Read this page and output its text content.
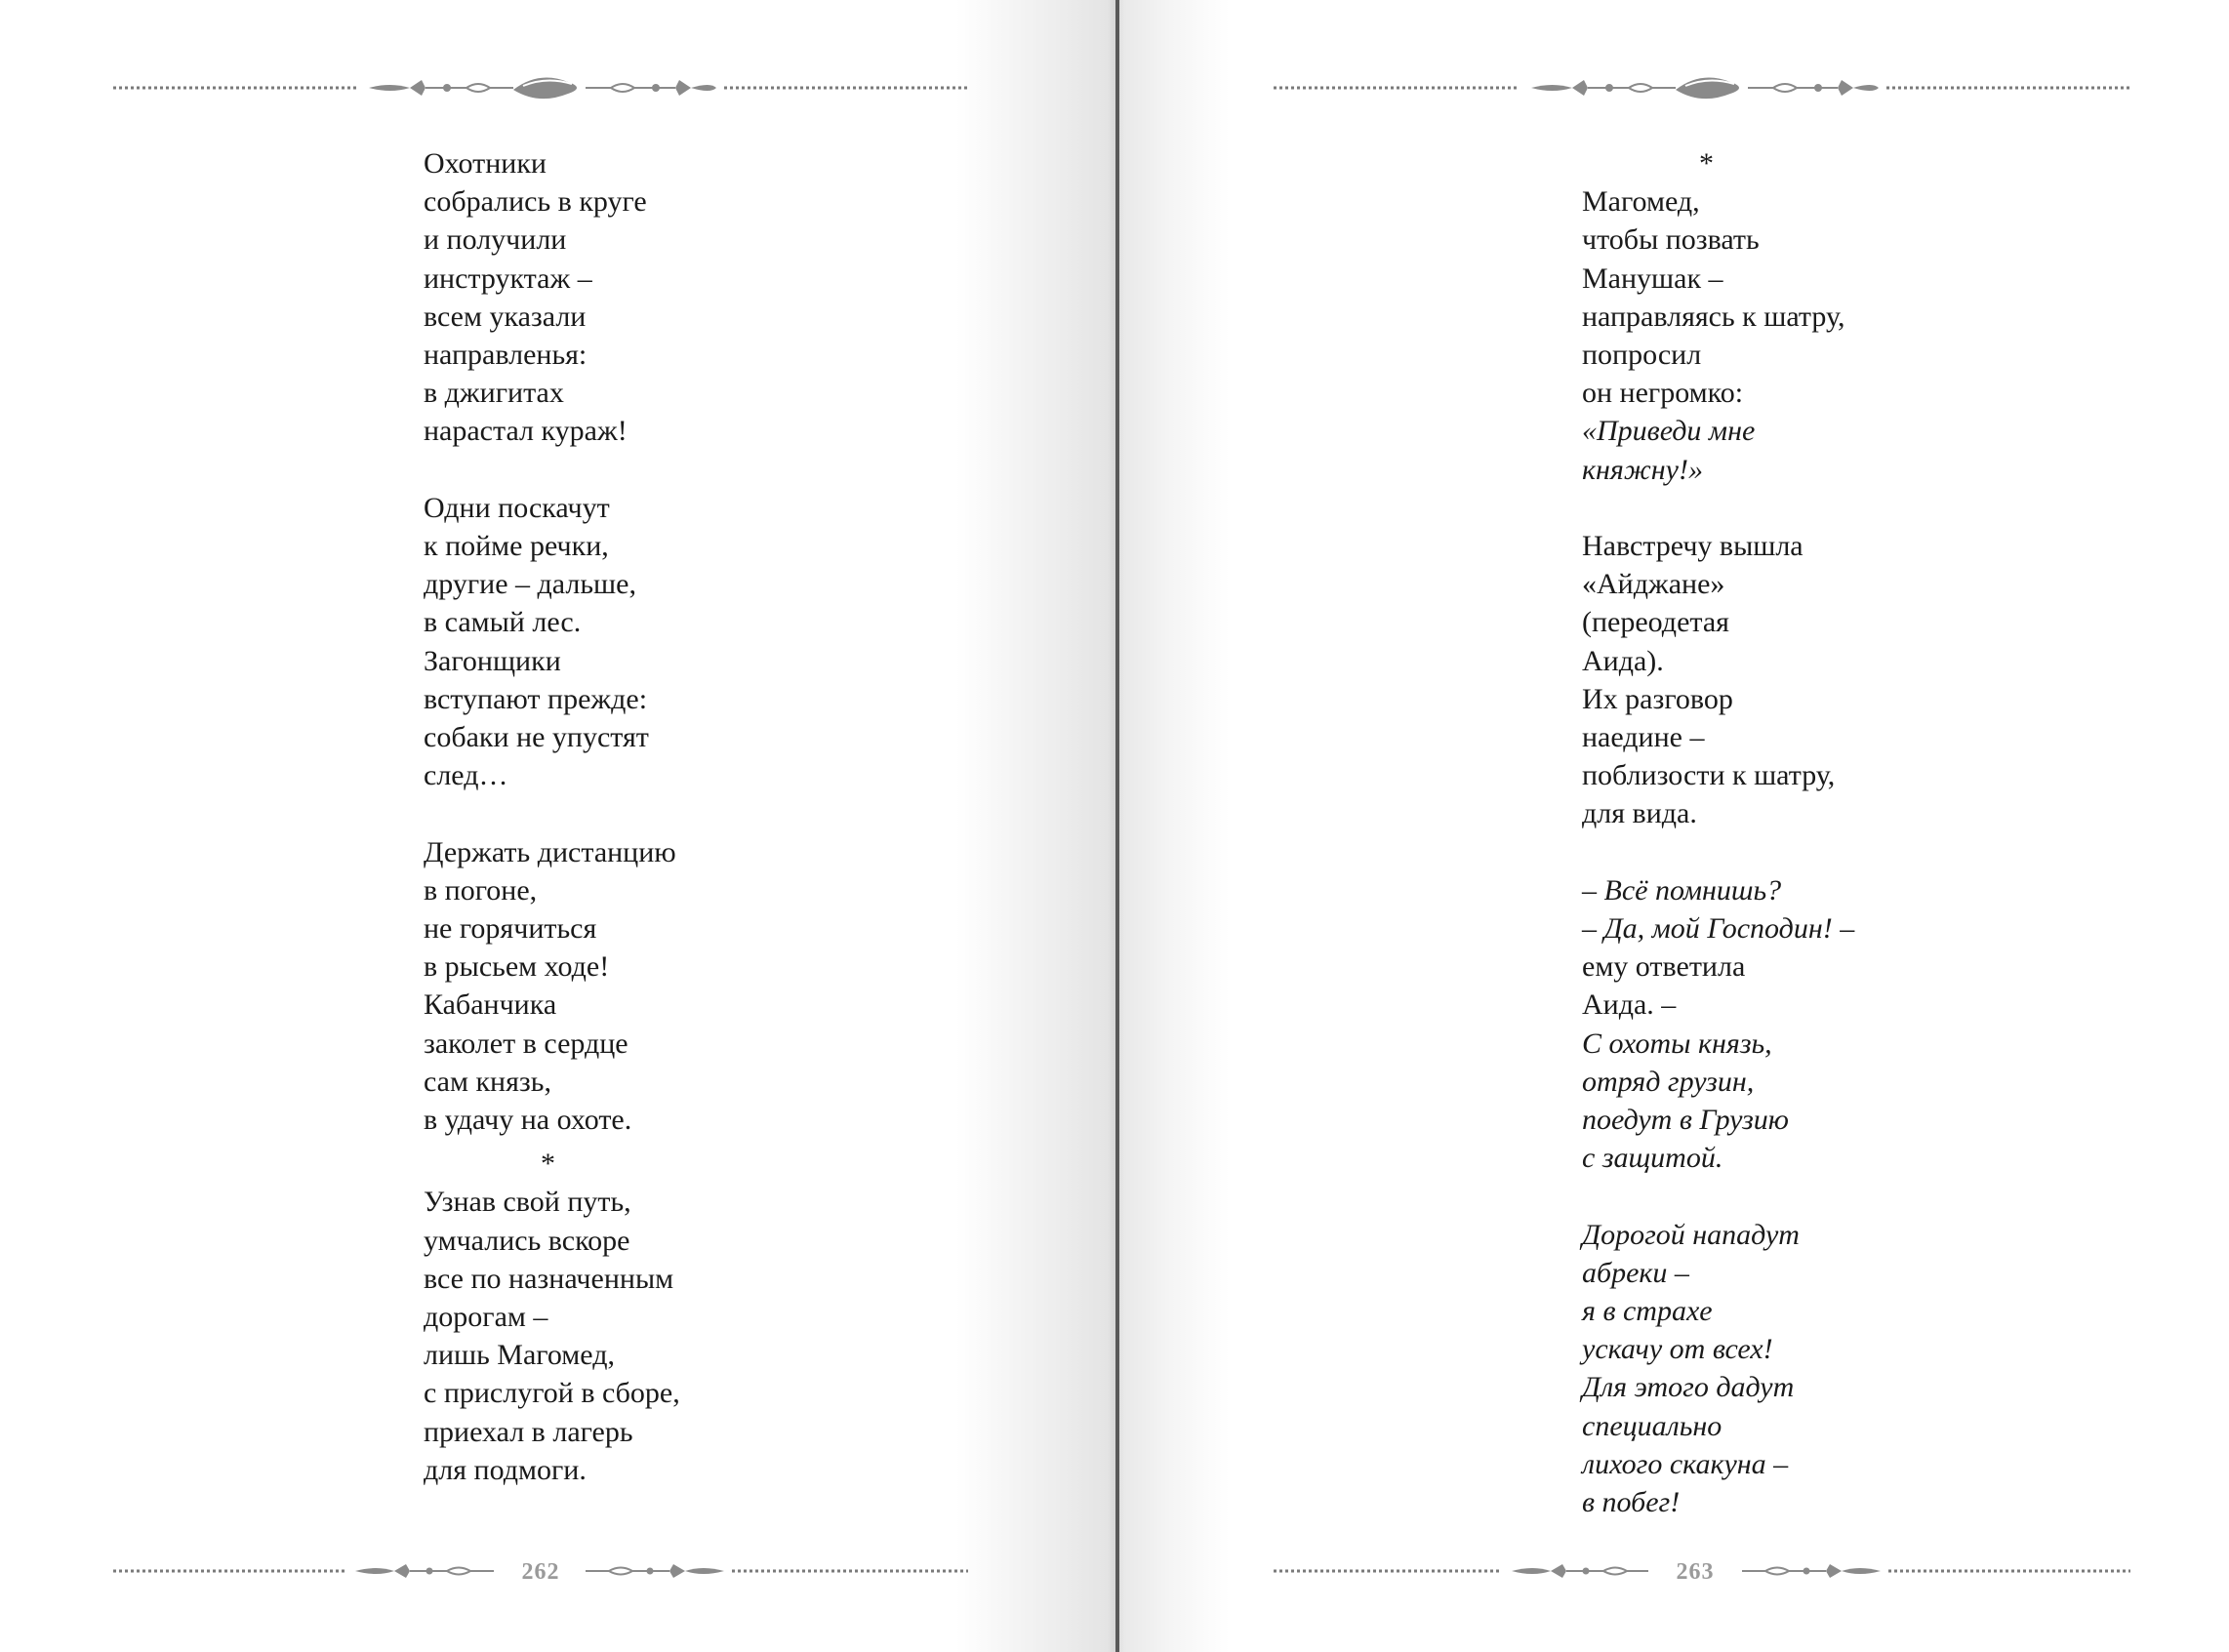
Охотники
собрались в круге
и получили
инструктаж –
всем указали
направленья:
в джигитах
нарастал кураж!
Одни поскачут
к пойме речки,
другие – дальше,
в самый лес.
Загонщики
вступают прежде:
собаки не упустят
след…
Держать дистанцию
в погоне,
не горячиться
в рысьем ходе!
Кабанчика
заколет в сердце
сам князь,
в удачу на охоте.
*
Узнав свой путь,
умчались вскоре
все по назначенным
дорогам –
лишь Магомед,
с прислугой в сборе,
приехал в лагерь
для подмоги.
262
*
Магомед,
чтобы позвать
Манушак –
направляясь к шатру,
попросил
он негромко:
«Приведи мне
княжну!»
Навстречу вышла
«Айджане»
(переодетая
Аида).
Их разговор
наедине –
поблизости к шатру,
для вида.
– Всё помнишь?
– Да, мой Господин! –
ему ответила
Аида. –
С охоты князь,
отряд грузин,
поедут в Грузию
с защитой.
Дорогой нападут
абреки –
я в страхе
ускачу от всех!
Для этого дадут
специально
лихого скакуна –
в побег!
263
